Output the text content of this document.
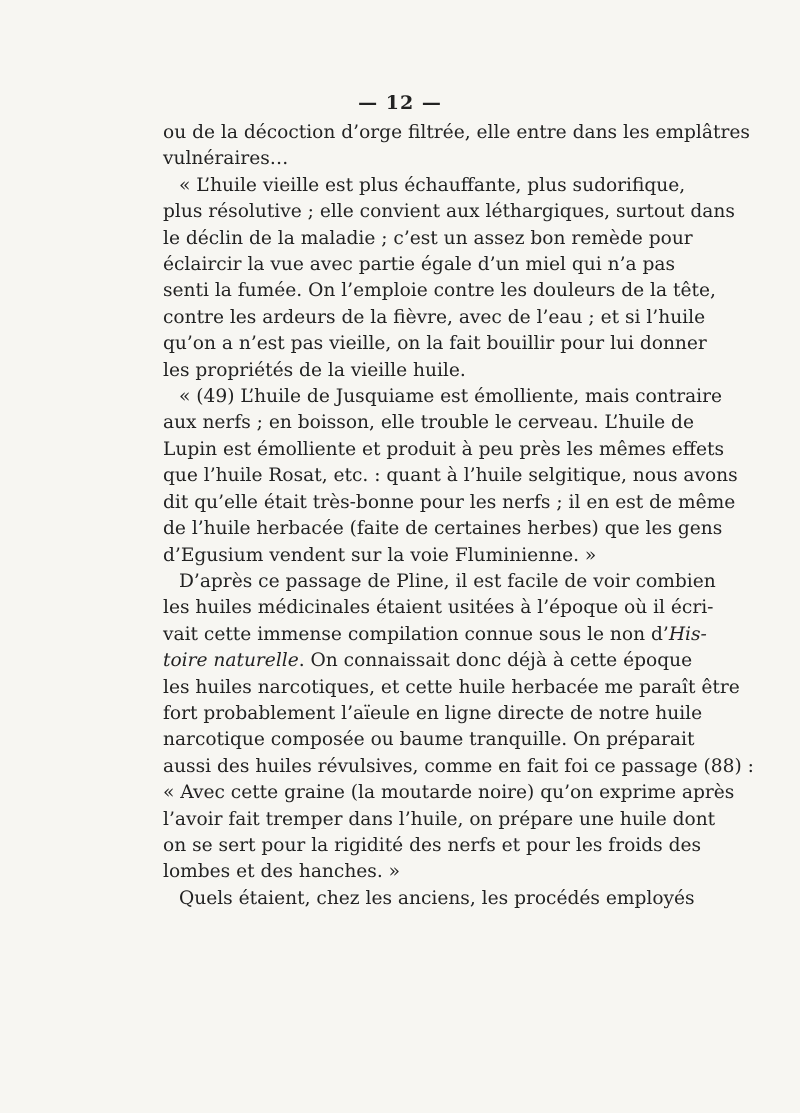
— 12 —
ou de la décoction d’orge filtrée, elle entre dans les emplâtres
vulnéraires…
« L’huile vieille est plus échauffante, plus sudorifique,
plus résolutive ; elle convient aux léthargiques, surtout dans
le déclin de la maladie ; c’est un assez bon remède pour
éclaircir la vue avec partie égale d’un miel qui n’a pas
senti la fumée. On l’emploie contre les douleurs de la tête,
contre les ardeurs de la fièvre, avec de l’eau ; et si l’huile
qu’on a n’est pas vieille, on la fait bouillir pour lui donner
les propriétés de la vieille huile.
« (49) L’huile de Jusquiame est émolliente, mais contraire
aux nerfs ; en boisson, elle trouble le cerveau. L’huile de
Lupin est émolliente et produit à peu près les mêmes effets
que l’huile Rosat, etc. : quant à l’huile selgitique, nous avons
dit qu’elle était très-bonne pour les nerfs ; il en est de même
de l’huile herbacée (faite de certaines herbes) que les gens
d’Egusium vendent sur la voie Fluminienne. »
D’après ce passage de Pline, il est facile de voir combien
les huiles médicinales étaient usitées à l’époque où il écri-
vait cette immense compilation connue sous le non d’His-
toire naturelle. On connaissait donc déjà à cette époque
les huiles narcotiques, et cette huile herbacée me paraît être
fort probablement l’aïeule en ligne directe de notre huile
narcotique composée ou baume tranquille. On préparait
aussi des huiles révulsives, comme en fait foi ce passage (88) :
« Avec cette graine (la moutarde noire) qu’on exprime après
l’avoir fait tremper dans l’huile, on prépare une huile dont
on se sert pour la rigidité des nerfs et pour les froids des
lombes et des hanches. »
Quels étaient, chez les anciens, les procédés employés
